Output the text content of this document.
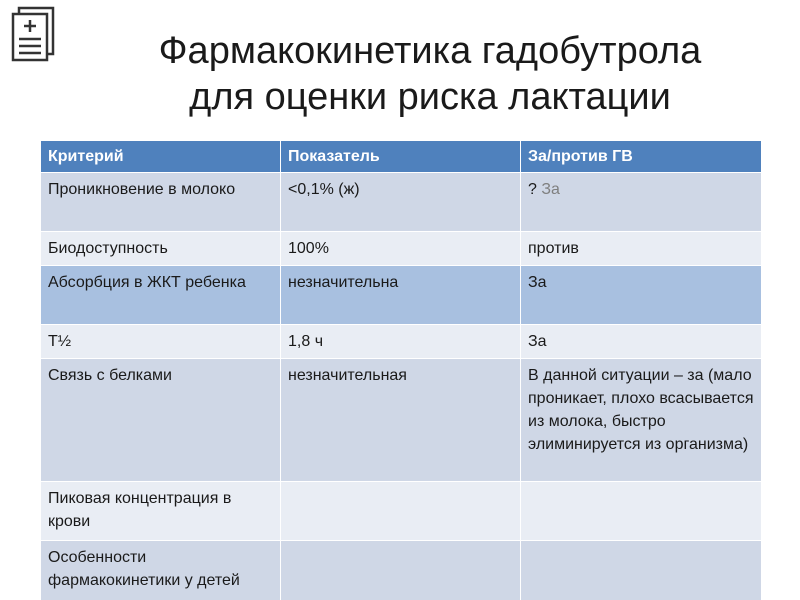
Фармакокинетика гадобутрола
для оценки риска лактации
Критерий	Показатель	За/против ГВ
Проникновение в молоко	<0,1% (ж)	? За
Биодоступность	100%	против
Абсорбция в ЖКТ ребенка	незначительна	За
Т½	1,8 ч	За
Связь с белками	незначительная	В данной ситуации – за (мало проникает, плохо всасывается из молока, быстро элиминируется из организма)
Пиковая концентрация в крови		
Особенности фармакокинетики у детей		
